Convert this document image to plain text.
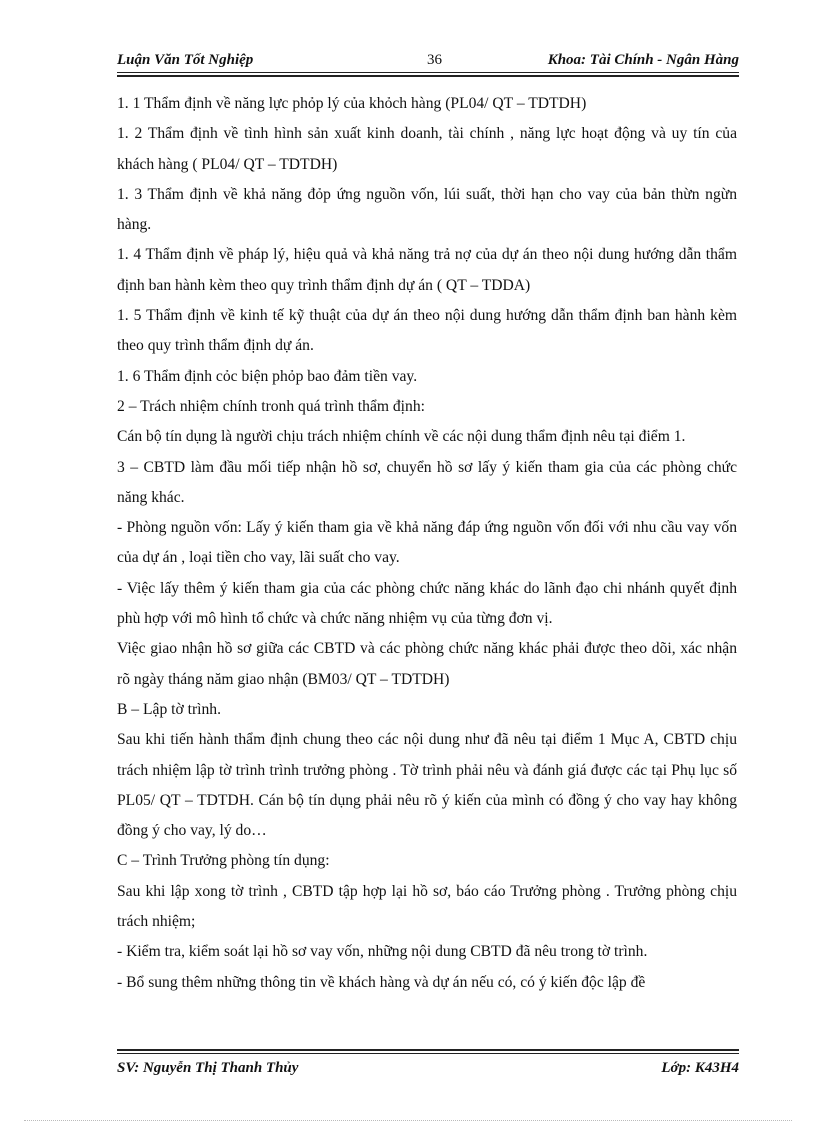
Luận Văn Tốt Nghiệp	36	Khoa: Tài Chính - Ngân Hàng

1. 1 Thẩm định về năng lực phỏp lý của khỏch hàng (PL04/ QT – TDTDH)

1. 2 Thẩm định về tình hình sản xuất kinh doanh, tài chính , năng lực hoạt động và uy tín của khách hàng ( PL04/ QT – TDTDH)

1. 3 Thẩm định về khả năng đỏp ứng nguồn vốn, lúi suất, thời hạn cho vay của bản thừn ngừn hàng.

1. 4 Thẩm định về pháp lý, hiệu quả và khả năng trả nợ của dự án theo nội dung hướng dẫn thẩm định ban hành kèm theo quy trình thẩm định dự án ( QT – TDDA)

1. 5 Thẩm định về kinh tế kỹ thuật của dự án theo nội dung hướng dẫn thẩm định ban hành kèm theo quy trình thẩm định dự án.

1. 6 Thẩm định cỏc biện phỏp bao đảm tiền vay.

2 – Trách nhiệm chính tronh quá trình thẩm định:

Cán bộ tín dụng là người chịu trách nhiệm chính về các nội dung thẩm định nêu tại điểm 1.

3 – CBTD làm đầu mối tiếp nhận hồ sơ, chuyển hồ sơ lấy ý kiến tham gia của các phòng chức năng khác.

- Phòng nguồn vốn: Lấy ý kiến tham gia về khả năng đáp ứng nguồn vốn đối với nhu cầu vay vốn của dự án , loại tiền cho vay, lãi suất cho vay.

- Việc lấy thêm ý kiến tham gia của các phòng chức năng khác do lãnh đạo chi nhánh quyết định phù hợp với mô hình tổ chức và chức năng nhiệm vụ của từng đơn vị.

Việc giao nhận hồ sơ giữa các CBTD và các phòng chức năng khác phải được theo dõi, xác nhận rõ ngày tháng năm giao nhận (BM03/ QT – TDTDH)

B – Lập tờ trình.

Sau khi tiến hành thẩm định chung theo các nội dung như đã nêu tại điểm 1 Mục A, CBTD chịu trách nhiệm lập tờ trình trình trưởng phòng . Tờ trình phải nêu và đánh giá được các tại Phụ lục số PL05/ QT – TDTDH. Cán bộ tín dụng phải nêu rõ ý kiến của mình có đồng ý cho vay hay không đồng ý cho vay, lý do…

C – Trình Trưởng phòng tín dụng:

Sau khi lập xong tờ trình , CBTD tập hợp lại hồ sơ, báo cáo Trưởng phòng . Trưởng phòng chịu trách nhiệm;

- Kiểm tra, kiểm soát lại hồ sơ vay vốn, những nội dung CBTD đã nêu trong tờ trình.

- Bổ sung thêm những thông tin về khách hàng và dự án nếu có, có ý kiến độc lập đề

SV: Nguyễn Thị Thanh Thủy	Lớp: K43H4
